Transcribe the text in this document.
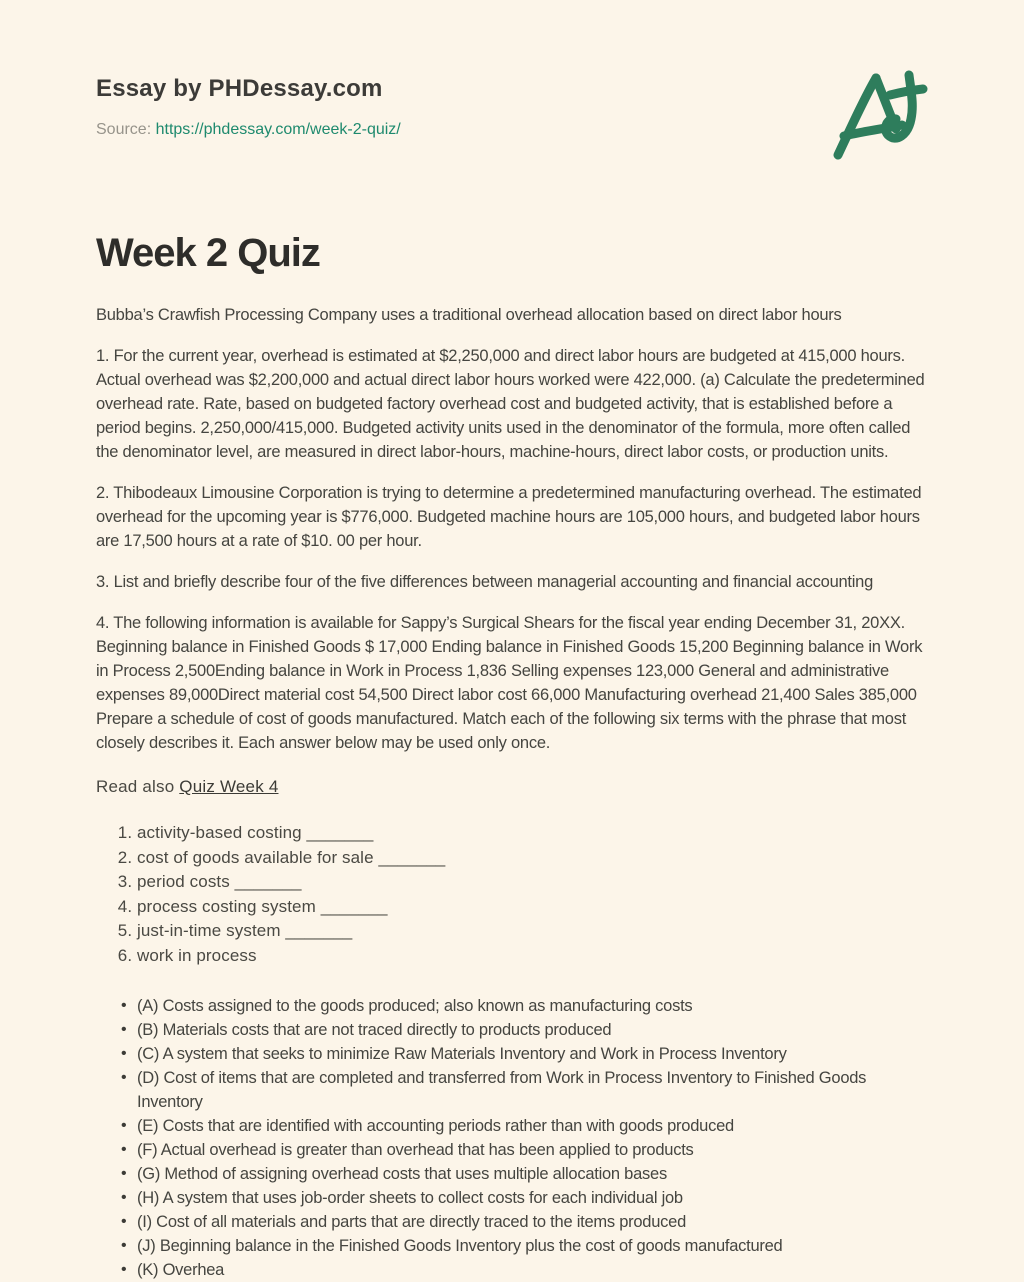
Essay by PHDessay.com
Source: https://phdessay.com/week-2-quiz/
Week 2 Quiz

Bubba’s Crawfish Processing Company uses a traditional overhead allocation based on direct labor hours

1. For the current year, overhead is estimated at $2,250,000 and direct labor hours are budgeted at 415,000 hours. Actual overhead was $2,200,000 and actual direct labor hours worked were 422,000. (a) Calculate the predetermined overhead rate. Rate, based on budgeted factory overhead cost and budgeted activity, that is established before a period begins. 2,250,000/415,000. Budgeted activity units used in the denominator of the formula, more often called the denominator level, are measured in direct labor-hours, machine-hours, direct labor costs, or production units.

2. Thibodeaux Limousine Corporation is trying to determine a predetermined manufacturing overhead. The estimated overhead for the upcoming year is $776,000. Budgeted machine hours are 105,000 hours, and budgeted labor hours are 17,500 hours at a rate of $10. 00 per hour.

3. List and briefly describe four of the five differences between managerial accounting and financial accounting

4. The following information is available for Sappy’s Surgical Shears for the fiscal year ending December 31, 20XX. Beginning balance in Finished Goods $ 17,000 Ending balance in Finished Goods 15,200 Beginning balance in Work in Process 2,500Ending balance in Work in Process 1,836 Selling expenses 123,000 General and administrative expenses 89,000Direct material cost 54,500 Direct labor cost 66,000 Manufacturing overhead 21,400 Sales 385,000 Prepare a schedule of cost of goods manufactured. Match each of the following six terms with the phrase that most closely describes it. Each answer below may be used only once.

Read also Quiz Week 4
1. activity-based costing _______
2. cost of goods available for sale _______
3. period costs _______
4. process costing system _______
5. just-in-time system _______
6. work in process
• (A) Costs assigned to the goods produced; also known as manufacturing costs
• (B) Materials costs that are not traced directly to products produced
• (C) A system that seeks to minimize Raw Materials Inventory and Work in Process Inventory
• (D) Cost of items that are completed and transferred from Work in Process Inventory to Finished Goods Inventory
• (E) Costs that are identified with accounting periods rather than with goods produced
• (F) Actual overhead is greater than overhead that has been applied to products
• (G) Method of assigning overhead costs that uses multiple allocation bases
• (H) A system that uses job-order sheets to collect costs for each individual job
• (I) Cost of all materials and parts that are directly traced to the items produced
• (J) Beginning balance in the Finished Goods Inventory plus the cost of goods manufactured
• (K) Overhea
